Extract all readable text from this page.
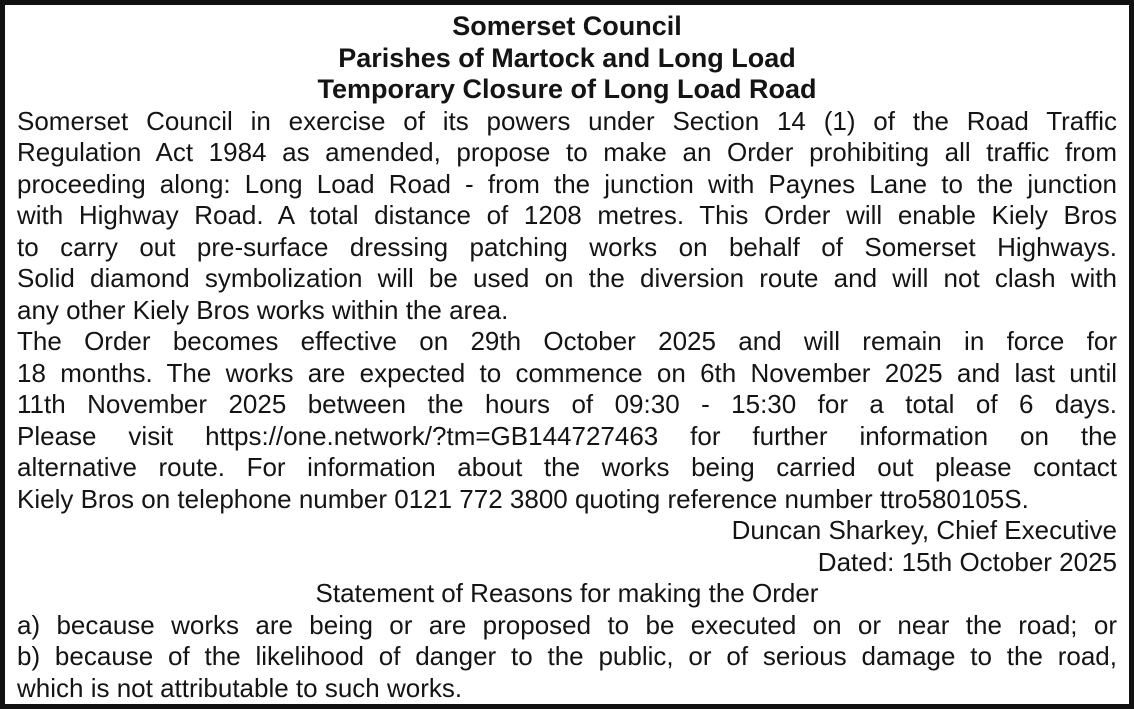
Somerset Council
Parishes of Martock and Long Load
Temporary Closure of Long Load Road
Somerset Council in exercise of its powers under Section 14 (1) of the Road Traffic
Regulation Act 1984 as amended, propose to make an Order prohibiting all traffic from
proceeding along: Long Load Road - from the junction with Paynes Lane to the junction
with Highway Road. A total distance of 1208 metres. This Order will enable Kiely Bros
to carry out pre-surface dressing patching works on behalf of Somerset Highways.
Solid diamond symbolization will be used on the diversion route and will not clash with
any other Kiely Bros works within the area.
The Order becomes effective on 29th October 2025 and will remain in force for
18 months. The works are expected to commence on 6th November 2025 and last until
11th November 2025 between the hours of 09:30 - 15:30 for a total of 6 days.
Please visit https://one.network/?tm=GB144727463 for further information on the
alternative route. For information about the works being carried out please contact
Kiely Bros on telephone number 0121 772 3800 quoting reference number ttro580105S.
Duncan Sharkey, Chief Executive
Dated: 15th October 2025
Statement of Reasons for making the Order
a) because works are being or are proposed to be executed on or near the road; or
b) because of the likelihood of danger to the public, or of serious damage to the road,
which is not attributable to such works.
